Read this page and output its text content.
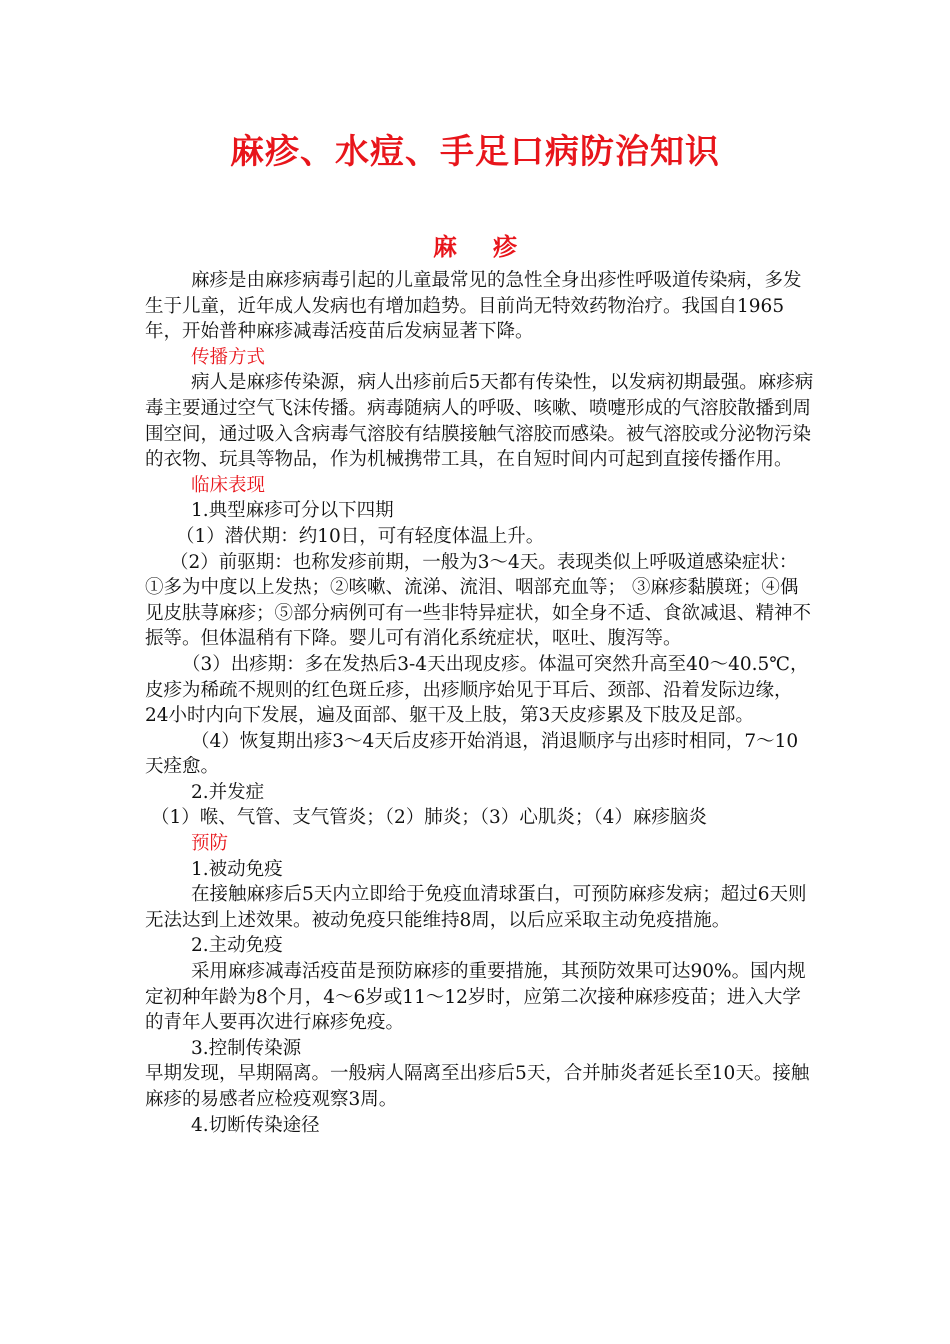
麻疹、水痘、手足口病防治知识
麻疹

麻疹是由麻疹病毒引起的儿童最常见的急性全身出疹性呼吸道传染病，多发生于儿童，近年成人发病也有增加趋势。目前尚无特效药物治疗。我国自1965年，开始普种麻疹减毒活疫苗后发病显著下降。

传播方式

病人是麻疹传染源，病人出疹前后5天都有传染性，以发病初期最强。麻疹病毒主要通过空气飞沫传播。病毒随病人的呼吸、咳嗽、喷嚏形成的气溶胶散播到周围空间，通过吸入含病毒气溶胶有结膜接触气溶胶而感染。被气溶胶或分泌物污染的衣物、玩具等物品，作为机械携带工具，在自短时间内可起到直接传播作用。

临床表现

1.典型麻疹可分以下四期

（1）潜伏期：约10日，可有轻度体温上升。

（2）前驱期：也称发疹前期，一般为3～4天。表现类似上呼吸道感染症状：①多为中度以上发热；②咳嗽、流涕、流泪、咽部充血等； ③麻疹黏膜斑；④偶见皮肤荨麻疹；⑤部分病例可有一些非特异症状，如全身不适、食欲减退、精神不振等。但体温稍有下降。婴儿可有消化系统症状，呕吐、腹泻等。

（3）出疹期：多在发热后3-4天出现皮疹。体温可突然升高至40～40.5℃，皮疹为稀疏不规则的红色斑丘疹，出疹顺序始见于耳后、颈部、沿着发际边缘，24小时内向下发展，遍及面部、躯干及上肢，第3天皮疹累及下肢及足部。

（4）恢复期出疹3～4天后皮疹开始消退，消退顺序与出疹时相同，7～10天痊愈。

2.并发症

（1）喉、气管、支气管炎；（2）肺炎；（3）心肌炎；（4）麻疹脑炎

预防

1.被动免疫

在接触麻疹后5天内立即给于免疫血清球蛋白，可预防麻疹发病；超过6天则无法达到上述效果。被动免疫只能维持8周，以后应采取主动免疫措施。

2.主动免疫

采用麻疹减毒活疫苗是预防麻疹的重要措施，其预防效果可达90%。国内规定初种年龄为8个月，4～6岁或11～12岁时，应第二次接种麻疹疫苗；进入大学的青年人要再次进行麻疹免疫。

3.控制传染源

早期发现，早期隔离。一般病人隔离至出疹后5天，合并肺炎者延长至10天。接触麻疹的易感者应检疫观察3周。

4.切断传染途径
